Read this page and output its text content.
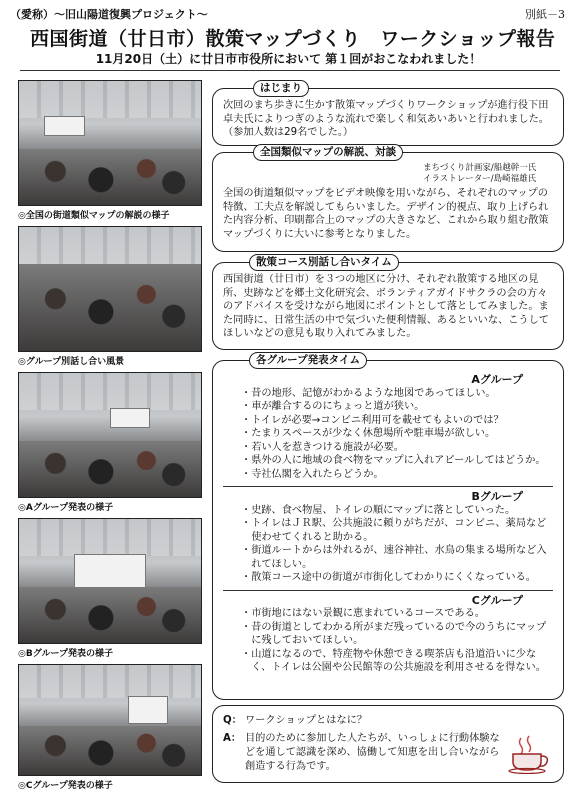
（愛称）〜旧山陽道復興プロジェクト〜	別紙－3
西国街道（廿日市）散策マップづくり　ワークショップ報告
11月20日（土）に廿日市市役所において 第１回がおこなわれました！
◎全国の街道類似マップの解説の様子
◎グループ別話し合い風景
◎Aグループ発表の様子
◎Bグループ発表の様子
◎Cグループ発表の様子
はじまり
次回のまち歩きに生かす散策マップづくりワークショップが進行役下田卓夫氏によりつぎのような流れで楽しく和気あいあいと行われました。（参加人数は29名でした。）
全国類似マップの解説、対談
まちづくり計画家/船越幹一氏
イラストレーター/島崎福雄氏
全国の街道類似マップをビデオ映像を用いながら、それぞれのマップの特徴、工夫点を解説してもらいました。デザイン的視点、取り上げられた内容分析、印刷都合上のマップの大きさなど、これから取り組む散策マップづくりに大いに参考となりました。
散策コース別話し合いタイム
西国街道（廿日市）を３つの地区に分け、それぞれ散策する地区の見所、史跡などを郷土文化研究会、ボランティアガイドサクラの会の方々のアドバイスを受けながら地図にポイントとして落としてみました。また同時に、日常生活の中で気づいた便利情報、あるといいな、こうしてほしいなどの意見も取り入れてみました。
各グループ発表タイム
Aグループ
・ 昔の地形、記憶がわかるような地図であってほしい。
・ 車が離合するのにちょっと道が狭い。
・ トイレが必要→コンビニ利用可を載せてもよいのでは？
・ たまりスペースが少なく休憩場所や駐車場が欲しい。
・ 若い人を惹きつける施設が必要。
・ 県外の人に地域の食べ物をマップに入れアピールしてはどうか。
・ 寺社仏閣を入れたらどうか。
Bグループ
・ 史跡、食べ物屋、トイレの順にマップに落としていった。
・ トイレはＪＲ駅、公共施設に頼りがちだが、コンビニ、薬局など使わせてくれると助かる。
・ 街道ルートからは外れるが、速谷神社、水鳥の集まる場所など入れてほしい。
・ 散策コース途中の街道が市街化してわかりにくくなっている。
Cグループ
・ 市街地にはない景観に恵まれているコースである。
・ 昔の街道としてわかる所がまだ残っているので今のうちにマップに残しておいてほしい。
・ 山道になるので、特産物や休憩できる喫茶店も沿道沿いに少なく、トイレは公園や公民館等の公共施設を利用させるを得ない。
Q： ワークショップとはなに？
A： 目的のために参加した人たちが、いっしょに行動体験などを通して認識を深め、協働して知恵を出し合いながら創造する行為です。
